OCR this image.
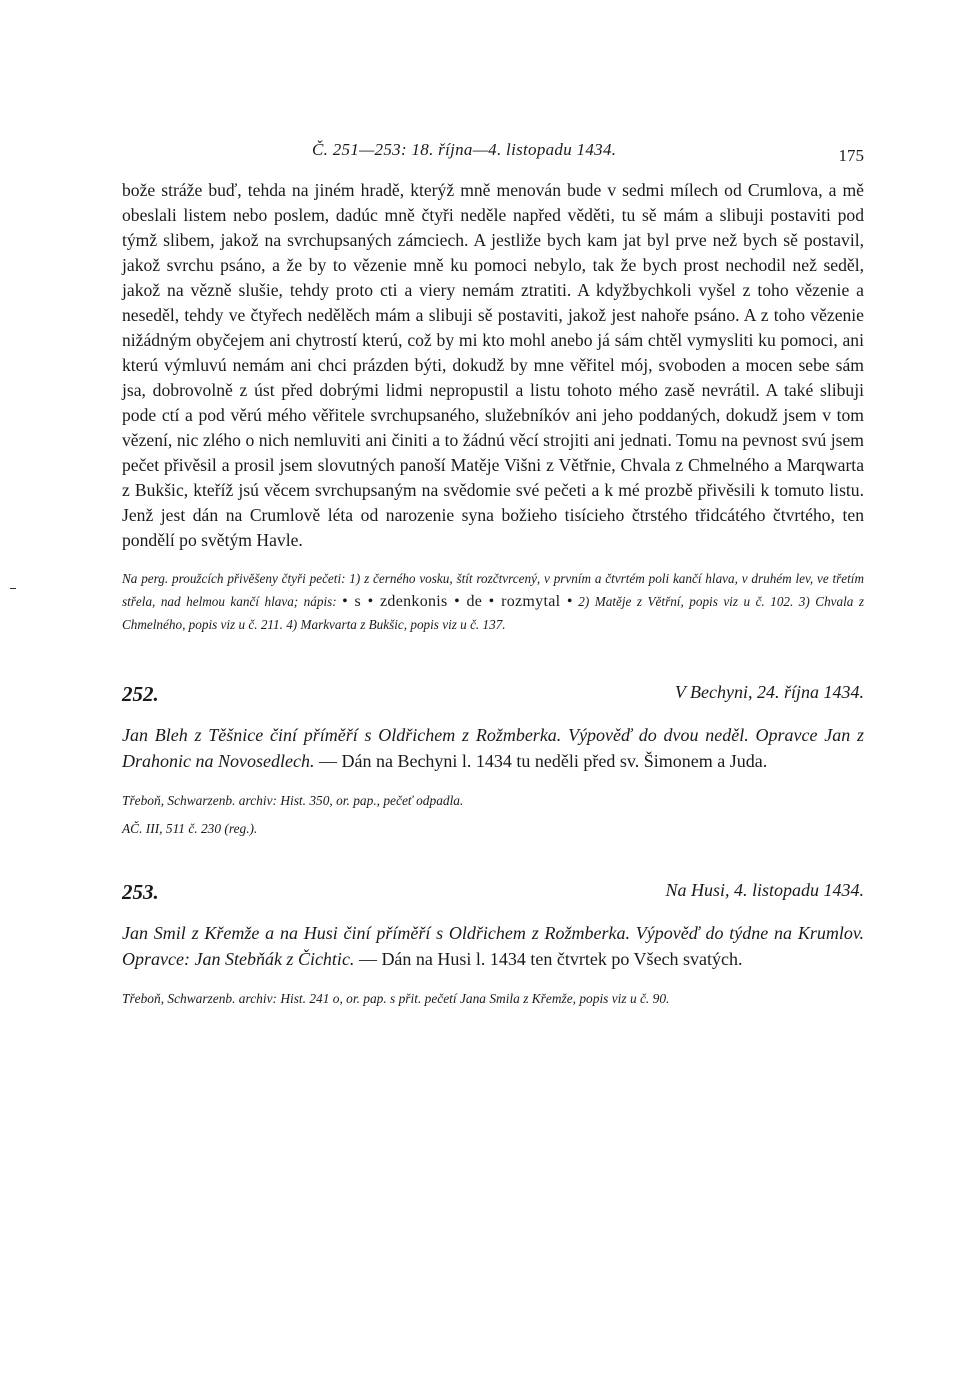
Č. 251—253: 18. října—4. listopadu 1434.	175

bože stráže buď, tehda na jiném hradě, kterýž mně menován bude v sedmi mílech od Crumlova, a mě obeslali listem nebo poslem, dadúc mně čtyři neděle napřed věděti, tu sě mám a slibuji postaviti pod týmž slibem, jakož na svrchupsaných zámciech. A jestliže bych kam jat byl prve než bych sě postavil, jakož svrchu psáno, a že by to vězenie mně ku pomoci nebylo, tak že bych prost nechodil než seděl, jakož na vězně slušie, tehdy proto cti a viery nemám ztratiti. A kdyžbychkoli vyšel z toho vězenie a neseděl, tehdy ve čtyřech nedělěch mám a slibuji sě postaviti, jakož jest nahoře psáno. A z toho vězenie nižádným obyčejem ani chytrostí kterú, což by mi kto mohl anebo já sám chtěl vymysliti ku pomoci, ani kterú výmluvú nemám ani chci prázden býti, dokudž by mne věřitel mój, svoboden a mocen sebe sám jsa, dobrovolně z úst před dobrými lidmi nepropustil a listu tohoto mého zasě nevrátil. A také slibuji pode ctí a pod věrú mého věřitele svrchupsaného, služebníkóv ani jeho poddaných, dokudž jsem v tom vězení, nic zlého o nich nemluviti ani činiti a to žádnú věcí strojiti ani jednati. Tomu na pevnost svú jsem pečet přivěsil a prosil jsem slovutných panoší Matěje Višni z Větřnie, Chvala z Chmelného a Marqwarta z Bukšic, kteříž jsú věcem svrchupsaným na svědomie své pečeti a k mé prozbě přivěsili k tomuto listu. Jenž jest dán na Crumlově léta od narozenie syna božieho tisícieho čtrstého třidcátého čtvrtého, ten pondělí po světým Havle.

Na perg. proužcích přivěšeny čtyři pečeti: 1) z černého vosku, štít rozčtvrcený, v prvním a čtvrtém poli kančí hlava, v druhém lev, ve třetím střela, nad helmou kančí hlava; nápis: • s • zdenkonis • de • rozmytal • 2) Matěje z Větřní, popis viz u č. 102. 3) Chvala z Chmelného, popis viz u č. 211. 4) Markvarta z Bukšic, popis viz u č. 137.

252.	V Bechyni, 24. října 1434.

Jan Bleh z Těšnice činí příměří s Oldřichem z Rožmberka. Výpověď do dvou neděl. Opravce Jan z Drahonic na Novosedlech. — Dán na Bechyni l. 1434 tu neděli před sv. Šimonem a Juda.

Třeboň, Schwarzenb. archiv: Hist. 350, or. pap., pečeť odpadla.

AČ. III, 511 č. 230 (reg.).

253.	Na Husi, 4. listopadu 1434.

Jan Smil z Křemže a na Husi činí příměří s Oldřichem z Rožmberka. Výpověď do týdne na Krumlov. Opravce: Jan Stebňák z Čichtic. — Dán na Husi l. 1434 ten čtvrtek po Všech svatých.

Třeboň, Schwarzenb. archiv: Hist. 241 o, or. pap. s přit. pečetí Jana Smila z Křemže, popis viz u č. 90.
